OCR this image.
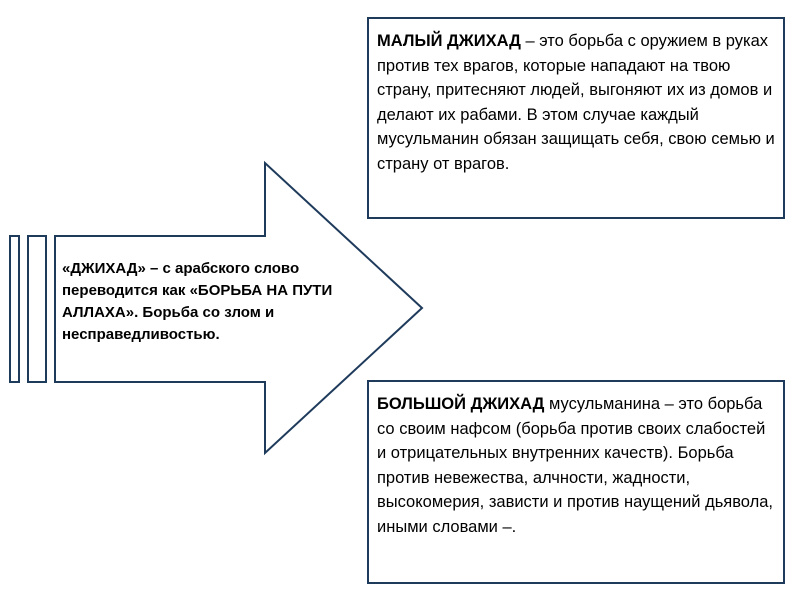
«ДЖИХАД» – с арабского слово переводится как «БОРЬБА НА ПУТИ АЛЛАХА». Борьба со злом и несправедливостью.

МАЛЫЙ ДЖИХАД – это борьба с оружием в руках против тех врагов, которые нападают на твою страну, притесняют людей, выгоняют их из домов и делают их рабами. В этом случае каждый мусульманин обязан защищать себя, свою семью и страну от врагов.

БОЛЬШОЙ ДЖИХАД мусульманина – это борьба со своим нафсом (борьба против своих слабостей и отрицательных внутренних качеств). Борьба против невежества, алчности, жадности, высокомерия, зависти и против наущений дьявола, иными словами –.
